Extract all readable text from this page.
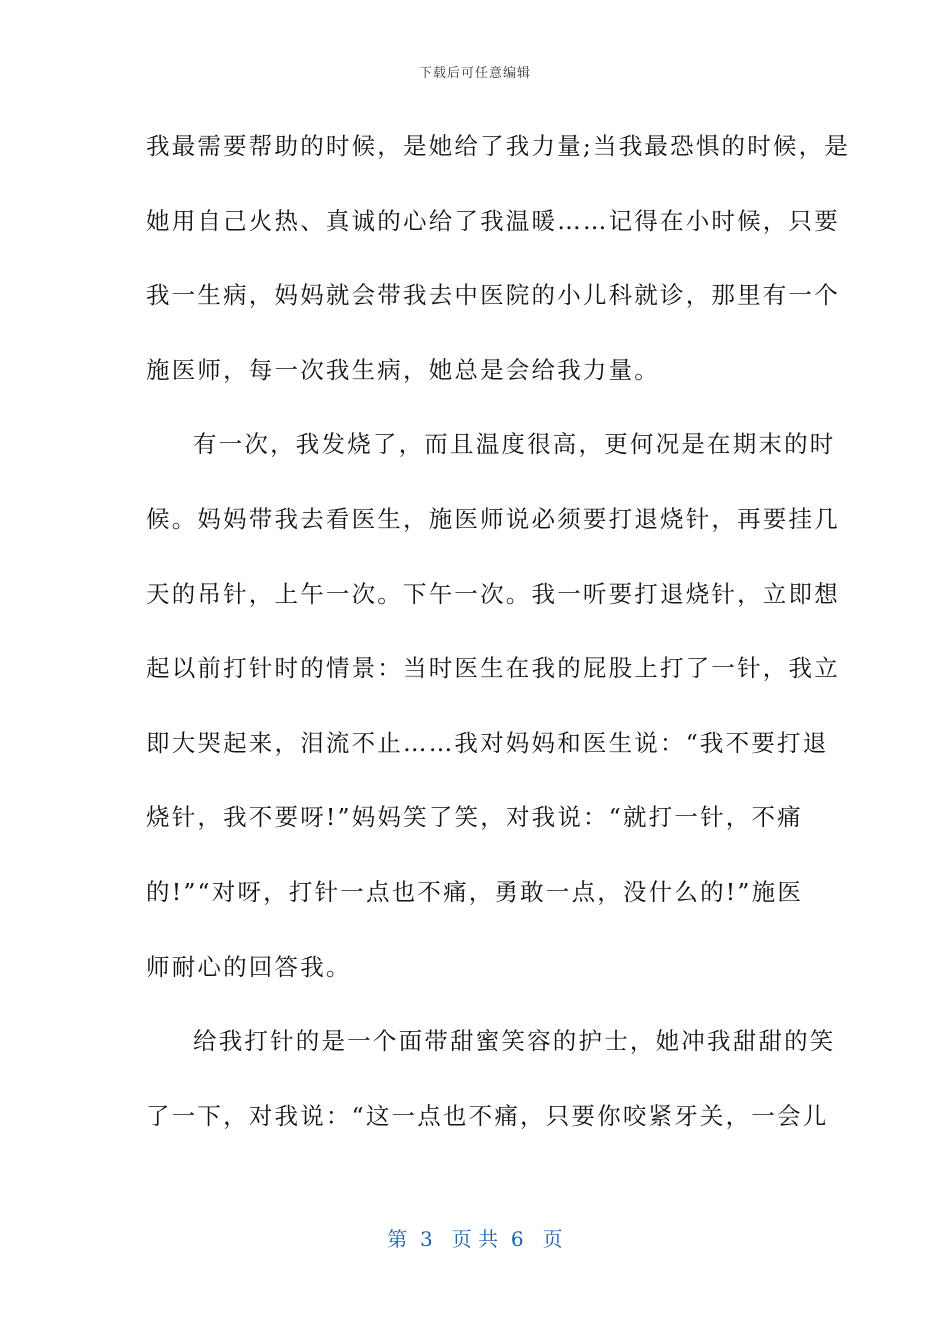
下载后可任意编辑
我最需要帮助的时候，是她给了我力量;当我最恐惧的时候，是
她用自己火热、真诚的心给了我温暖……记得在小时候，只要
我一生病，妈妈就会带我去中医院的小儿科就诊，那里有一个
施医师，每一次我生病，她总是会给我力量。
有一次，我发烧了，而且温度很高，更何况是在期末的时
候。妈妈带我去看医生，施医师说必须要打退烧针，再要挂几
天的吊针，上午一次。下午一次。我一听要打退烧针，立即想
起以前打针时的情景：当时医生在我的屁股上打了一针，我立
即大哭起来，泪流不止……我对妈妈和医生说：“我不要打退
烧针，我不要呀!”妈妈笑了笑，对我说：“就打一针，不痛
的!”“对呀，打针一点也不痛，勇敢一点，没什么的!”施医
师耐心的回答我。
给我打针的是一个面带甜蜜笑容的护士，她冲我甜甜的笑
了一下，对我说：“这一点也不痛，只要你咬紧牙关，一会儿
第  3   页 共  6   页
